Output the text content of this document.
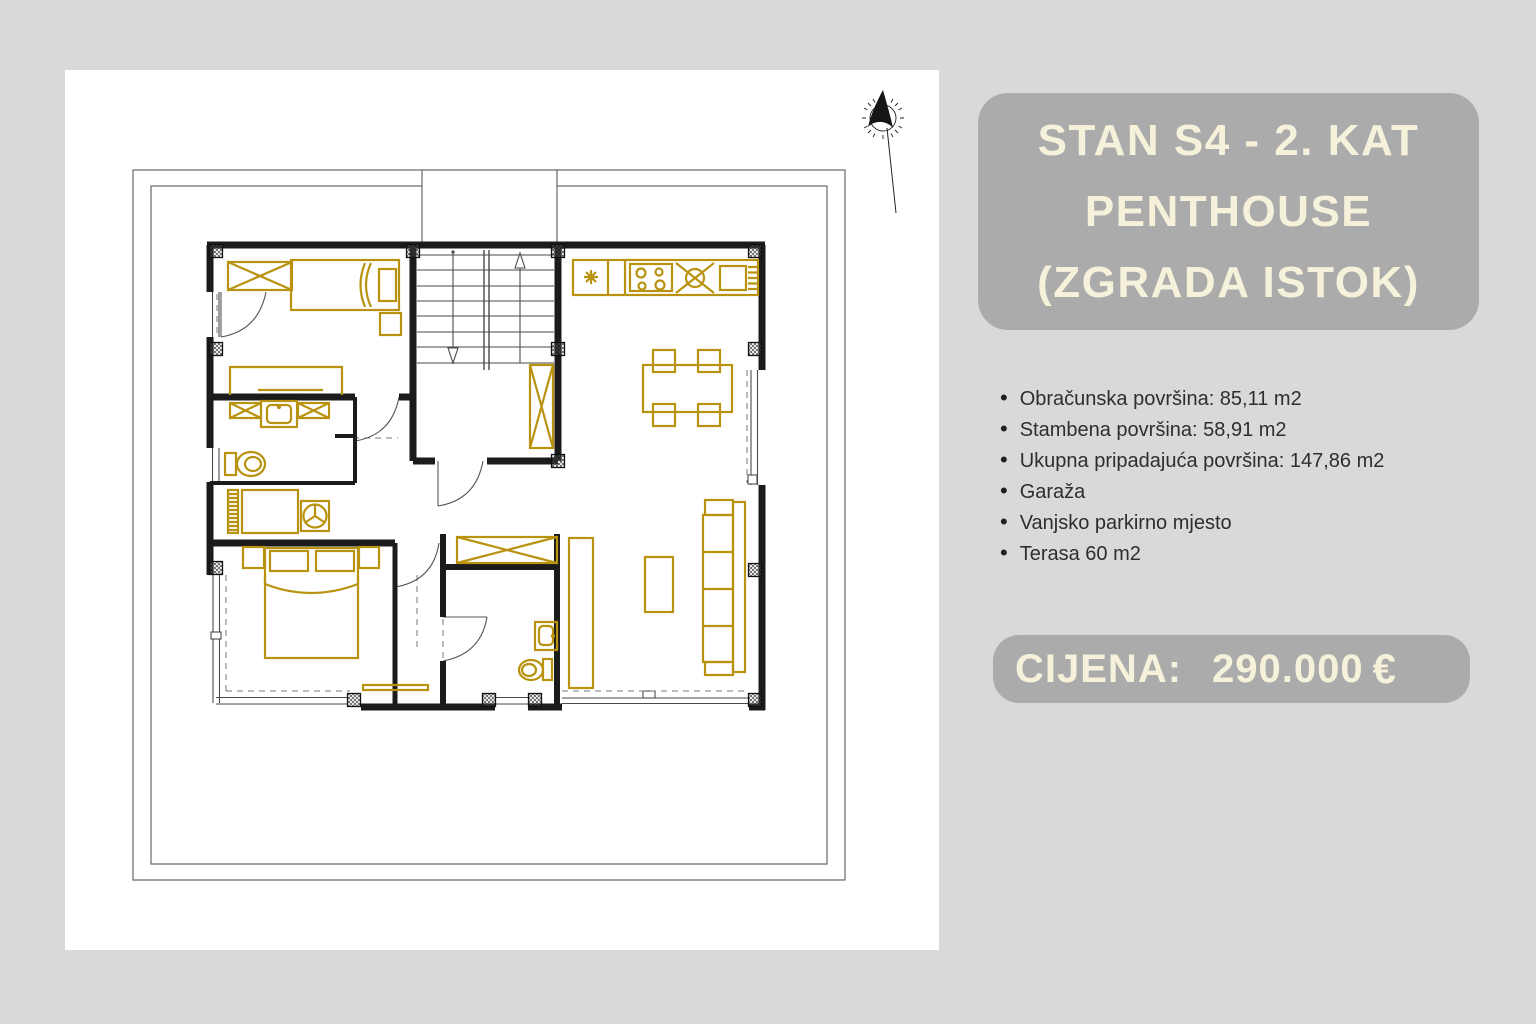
STAN S4 - 2. KAT
PENTHOUSE
(ZGRADA ISTOK)
• Obračunska površina: 85,11 m2
• Stambena površina: 58,91 m2
• Ukupna pripadajuća površina: 147,86 m2
• Garaža
• Vanjsko parkirno mjesto
• Terasa 60 m2
CIJENA: 290.000 €
